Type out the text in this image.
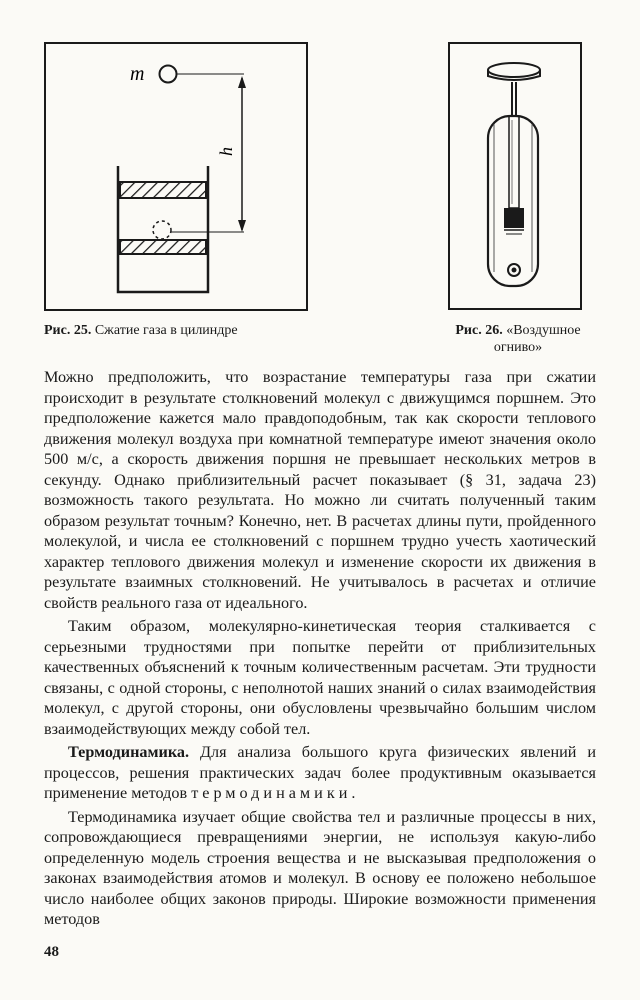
m
h
Рис. 25. Сжатие газа в цилиндре	Рис. 26. «Воздушное огниво»

Можно предположить, что возрастание температуры газа при сжатии происходит в результате столкновений молекул с движущимся поршнем. Это предположение кажется мало правдоподобным, так как скорости теплового движения молекул воздуха при комнатной температуре имеют значения около 500 м/с, а скорость движения поршня не превышает нескольких метров в секунду. Однако приблизительный расчет показывает (§ 31, задача 23) возможность такого результата. Но можно ли считать полученный таким образом результат точным? Конечно, нет. В расчетах длины пути, пройденного молекулой, и числа ее столкновений с поршнем трудно учесть хаотический характер теплового движения молекул и изменение скорости их движения в результате взаимных столкновений. Не учитывалось в расчетах и отличие свойств реального газа от идеального.

Таким образом, молекулярно-кинетическая теория сталкивается с серьезными трудностями при попытке перейти от приблизительных качественных объяснений к точным количественным расчетам. Эти трудности связаны, с одной стороны, с неполнотой наших знаний о силах взаимодействия молекул, с другой стороны, они обусловлены чрезвычайно большим числом взаимодействующих между собой тел.

Термодинамика. Для анализа большого круга физических явлений и процессов, решения практических задач более продуктивным оказывается применение методов термодинамики.

Термодинамика изучает общие свойства тел и различные процессы в них, сопровождающиеся превращениями энергии, не используя какую-либо определенную модель строения вещества и не высказывая предположения о законах взаимодействия атомов и молекул. В основу ее положено небольшое число наиболее общих законов природы. Широкие возможности применения методов

48
